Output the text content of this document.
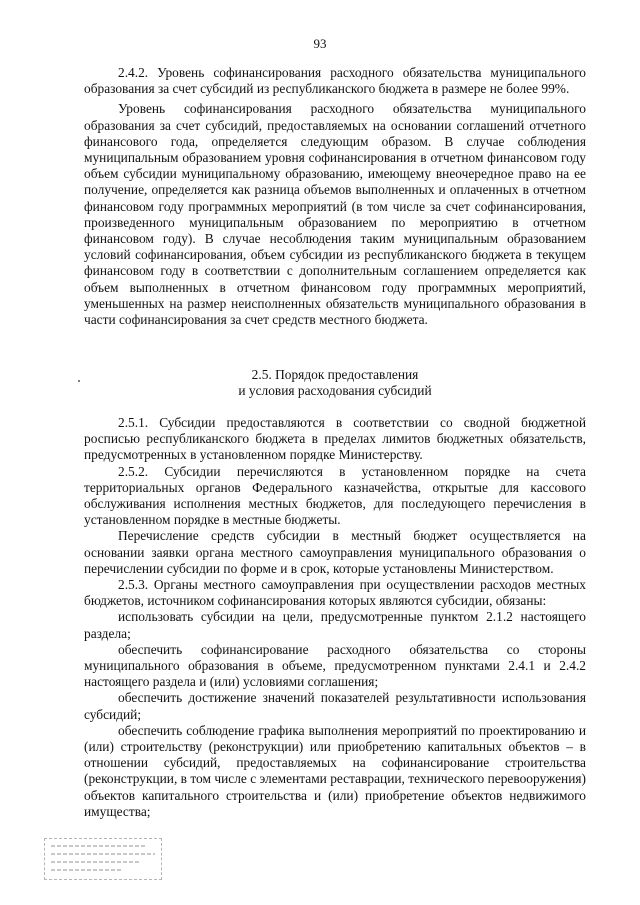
93

2.4.2. Уровень софинансирования расходного обязательства муниципального образования за счет субсидий из республиканского бюджета в размере не более 99%.

Уровень софинансирования расходного обязательства муниципального образования за счет субсидий, предоставляемых на основании соглашений отчетного финансового года, определяется следующим образом. В случае соблюдения муниципальным образованием уровня софинансирования в отчетном финансовом году объем субсидии муниципальному образованию, имеющему внеочередное право на ее получение, определяется как разница объемов выполненных и оплаченных в отчетном финансовом году программных мероприятий (в том числе за счет софинансирования, произведенного муниципальным образованием по мероприятию в отчетном финансовом году). В случае несоблюдения таким муниципальным образованием условий софинансирования, объем субсидии из республиканского бюджета в текущем финансовом году в соответствии с дополнительным соглашением определяется как объем выполненных в отчетном финансовом году программных мероприятий, уменьшенных на размер неисполненных обязательств муниципального образования в части софинансирования за счет средств местного бюджета.

2.5. Порядок предоставления
и условия расходования субсидий

2.5.1. Субсидии предоставляются в соответствии со сводной бюджетной росписью республиканского бюджета в пределах лимитов бюджетных обязательств, предусмотренных в установленном порядке Министерству.

2.5.2. Субсидии перечисляются в установленном порядке на счета территориальных органов Федерального казначейства, открытые для кассового обслуживания исполнения местных бюджетов, для последующего перечисления в установленном порядке в местные бюджеты.

Перечисление средств субсидии в местный бюджет осуществляется на основании заявки органа местного самоуправления муниципального образования о перечислении субсидии по форме и в срок, которые установлены Министерством.

2.5.3. Органы местного самоуправления при осуществлении расходов местных бюджетов, источником софинансирования которых являются субсидии, обязаны:

использовать субсидии на цели, предусмотренные пунктом 2.1.2 настоящего раздела;

обеспечить софинансирование расходного обязательства со стороны муниципального образования в объеме, предусмотренном пунктами 2.4.1 и 2.4.2 настоящего раздела и (или) условиями соглашения;

обеспечить достижение значений показателей результативности использования субсидий;

обеспечить соблюдение графика выполнения мероприятий по проектированию и (или) строительству (реконструкции) или приобретению капитальных объектов – в отношении субсидий, предоставляемых на софинансирование строительства (реконструкции, в том числе с элементами реставрации, технического перевооружения) объектов капитального строительства и (или) приобретение объектов недвижимого имущества;
